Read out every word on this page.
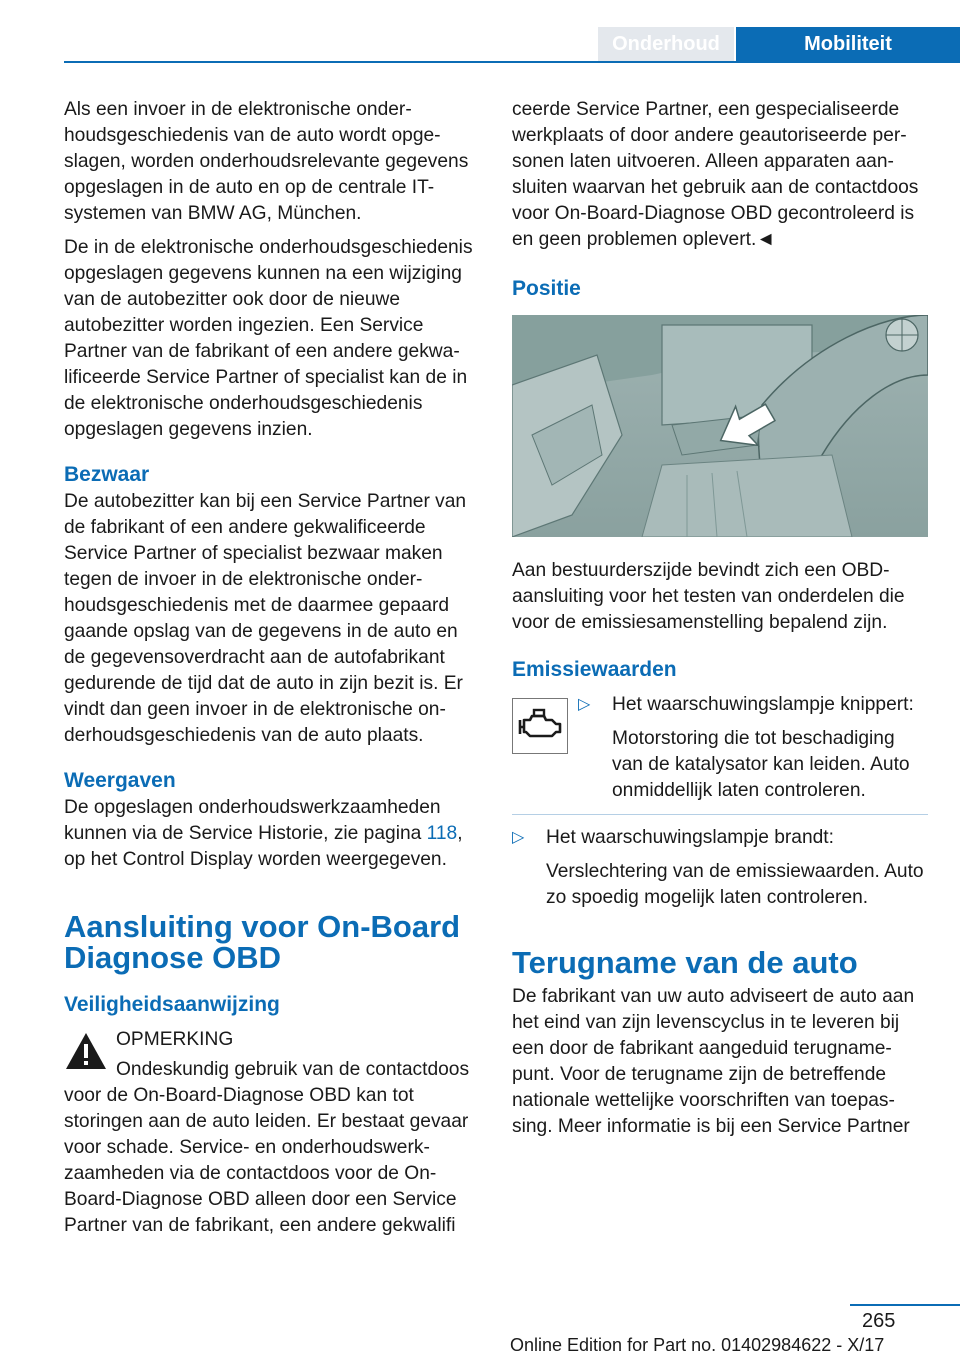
Onderhoud	Mobiliteit

Als een invoer in de elektronische onderhoudsgeschiedenis van de auto wordt opgeslagen, worden onderhoudsrelevante gegevens opgeslagen in de auto en op de centrale IT-systemen van BMW AG, München.

De in de elektronische onderhoudsgeschiedenis opgeslagen gegevens kunnen na een wijziging van de autobezitter ook door de nieuwe autobezitter worden ingezien. Een Service Partner van de fabrikant of een andere gekwalificeerde Service Partner of specialist kan de in de elektronische onderhoudsgeschiedenis opgeslagen gegevens inzien.

Bezwaar

De autobezitter kan bij een Service Partner van de fabrikant of een andere gekwalificeerde Service Partner of specialist bezwaar maken tegen de invoer in de elektronische onderhoudsgeschiedenis met de daarmee gepaard gaande opslag van de gegevens in de auto en de gegevensoverdracht aan de autofabrikant gedurende de tijd dat de auto in zijn bezit is. Er vindt dan geen invoer in de elektronische onderhoudsgeschiedenis van de auto plaats.

Weergaven

De opgeslagen onderhoudswerkzaamheden kunnen via de Service Historie, zie pagina 118, op het Control Display worden weergegeven.

Aansluiting voor On-Board Diagnose OBD
Veiligheidsaanwijzing
OPMERKING

Ondeskundig gebruik van de contactdoos voor de On-Board-Diagnose OBD kan tot storingen aan de auto leiden. Er bestaat gevaar voor schade. Service- en onderhoudswerkzaamheden via de contactdoos voor de On-Board-Diagnose OBD alleen door een Service Partner van de fabrikant, een andere gekwalifi

ceerde Service Partner, een gespecialiseerde werkplaats of door andere geautoriseerde personen laten uitvoeren. Alleen apparaten aansluiten waarvan het gebruik aan de contactdoos voor On-Board-Diagnose OBD gecontroleerd is en geen problemen oplevert.◄

Positie

Aan bestuurderszijde bevindt zich een OBD-aansluiting voor het testen van onderdelen die voor de emissiesamenstelling bepalend zijn.

Emissiewaarden
▷	Het waarschuwingslampje knippert:
Motorstoring die tot beschadiging van de katalysator kan leiden. Auto onmiddellijk laten controleren.
▷	Het waarschuwingslampje brandt:
Verslechtering van de emissiewaarden. Auto zo spoedig mogelijk laten controleren.
Terugname van de auto

De fabrikant van uw auto adviseert de auto aan het eind van zijn levenscyclus in te leveren bij een door de fabrikant aangeduid terugnamepunt. Voor de terugname zijn de betreffende nationale wettelijke voorschriften van toepassing. Meer informatie is bij een Service Partner

265
Online Edition for Part no. 01402984622 - X/17
